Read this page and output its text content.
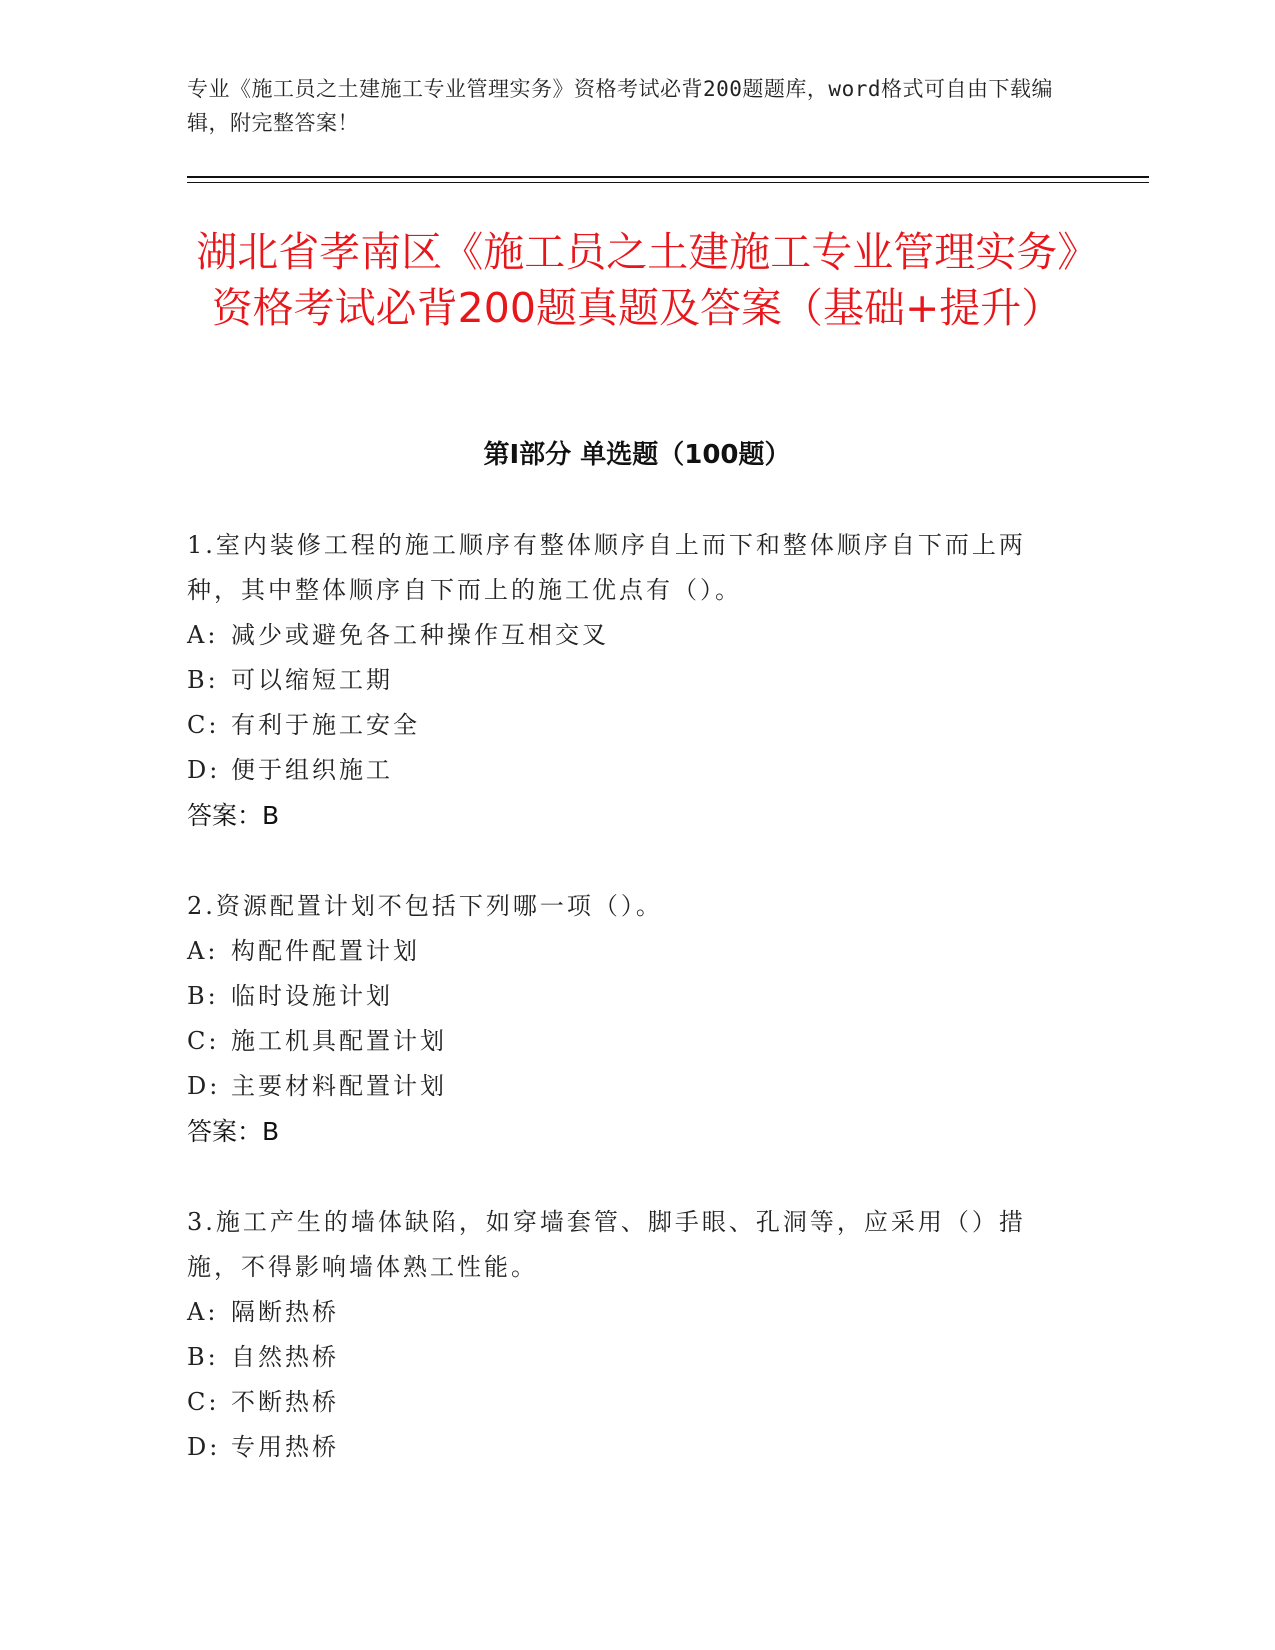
专业《施工员之土建施工专业管理实务》资格考试必背200题题库，word格式可自由下载编辑，附完整答案！
湖北省孝南区《施工员之土建施工专业管理实务》资格考试必背200题真题及答案（基础+提升）
第Ⅰ部分 单选题（100题）
1.室内装修工程的施工顺序有整体顺序自上而下和整体顺序自下而上两种，其中整体顺序自下而上的施工优点有（）。
A: 减少或避免各工种操作互相交叉
B: 可以缩短工期
C: 有利于施工安全
D: 便于组织施工
答案：B
2.资源配置计划不包括下列哪一项（）。
A: 构配件配置计划
B: 临时设施计划
C: 施工机具配置计划
D: 主要材料配置计划
答案：B
3.施工产生的墙体缺陷，如穿墙套管、脚手眼、孔洞等，应采用（）措施，不得影响墙体熟工性能。
A: 隔断热桥
B: 自然热桥
C: 不断热桥
D: 专用热桥
